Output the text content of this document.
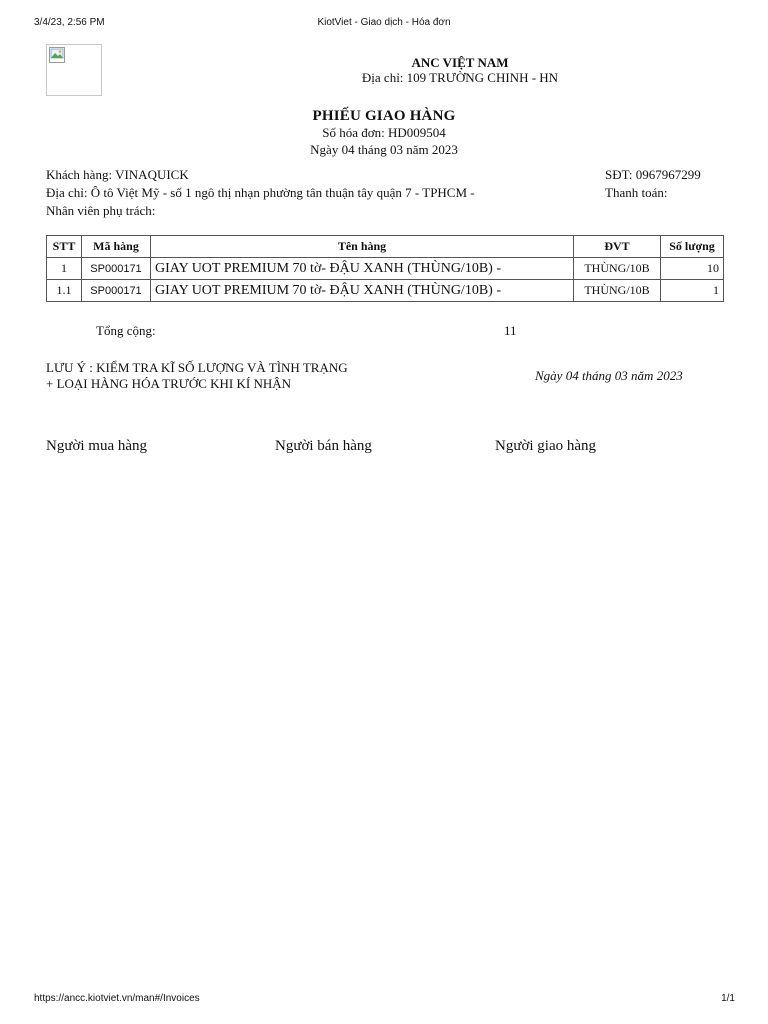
3/4/23, 2:56 PM	KiotViet - Giao dịch - Hóa đơn
ANC VIỆT NAM
Địa chỉ: 109 TRƯỜNG CHINH - HN
PHIẾU GIAO HÀNG
Số hóa đơn: HD009504
Ngày 04 tháng 03 năm 2023
Khách hàng: VINAQUICK
Địa chỉ: Ô tô Việt Mỹ - số 1 ngô thị nhạn phường tân thuận tây quận 7 - TPHCM -
Nhân viên phụ trách:
SĐT: 0967967299
Thanh toán:
STT	Mã hàng	Tên hàng	ĐVT	Số lượng
1	SP000171	GIAY UOT PREMIUM 70 tờ- ĐẬU XANH (THÙNG/10B) -	THÙNG/10B	10
1.1	SP000171	GIAY UOT PREMIUM 70 tờ- ĐẬU XANH (THÙNG/10B) -	THÙNG/10B	1
Tổng cộng:	11
LƯU Ý : KIỂM TRA KĨ SỐ LƯỢNG VÀ TÌNH TRẠNG
+ LOẠI HÀNG HÓA TRƯỚC KHI KÍ NHẬN
Ngày 04 tháng 03 năm 2023
Người mua hàng	Người bán hàng	Người giao hàng
https://ancc.kiotviet.vn/man#/Invoices	1/1
